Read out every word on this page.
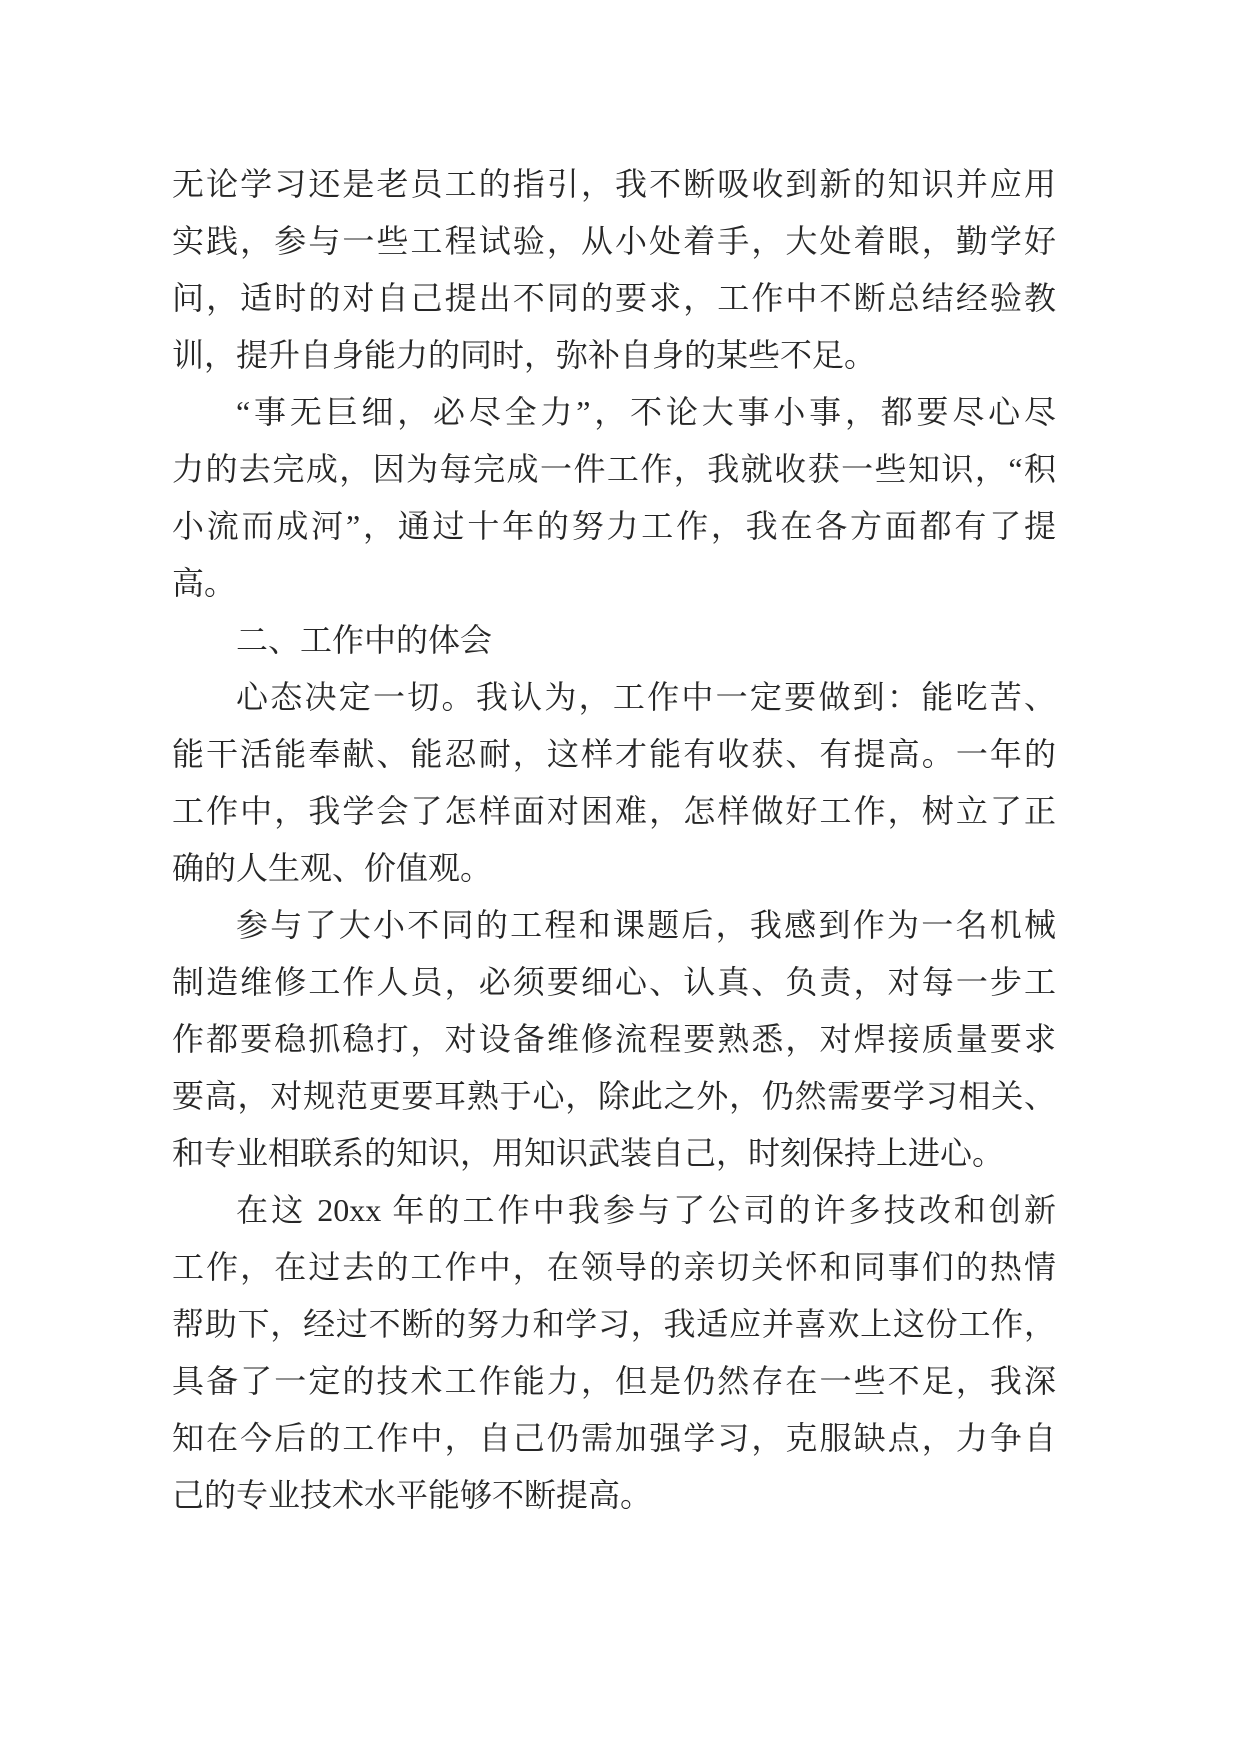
无论学习还是老员工的指引，我不断吸收到新的知识并应用
实践，参与一些工程试验，从小处着手，大处着眼，勤学好
问，适时的对自己提出不同的要求，工作中不断总结经验教
训，提升自身能力的同时，弥补自身的某些不足。
“事无巨细，必尽全力”，不论大事小事，都要尽心尽
力的去完成，因为每完成一件工作，我就收获一些知识，“积
小流而成河”，通过十年的努力工作，我在各方面都有了提
高。
二、工作中的体会
心态决定一切。我认为，工作中一定要做到：能吃苦、
能干活能奉献、能忍耐，这样才能有收获、有提高。一年的
工作中，我学会了怎样面对困难，怎样做好工作，树立了正
确的人生观、价值观。
参与了大小不同的工程和课题后，我感到作为一名机械
制造维修工作人员，必须要细心、认真、负责，对每一步工
作都要稳抓稳打，对设备维修流程要熟悉，对焊接质量要求
要高，对规范更要耳熟于心，除此之外，仍然需要学习相关、
和专业相联系的知识，用知识武装自己，时刻保持上进心。
在这 20xx 年的工作中我参与了公司的许多技改和创新
工作，在过去的工作中，在领导的亲切关怀和同事们的热情
帮助下，经过不断的努力和学习，我适应并喜欢上这份工作，
具备了一定的技术工作能力，但是仍然存在一些不足，我深
知在今后的工作中，自己仍需加强学习，克服缺点，力争自
己的专业技术水平能够不断提高。
